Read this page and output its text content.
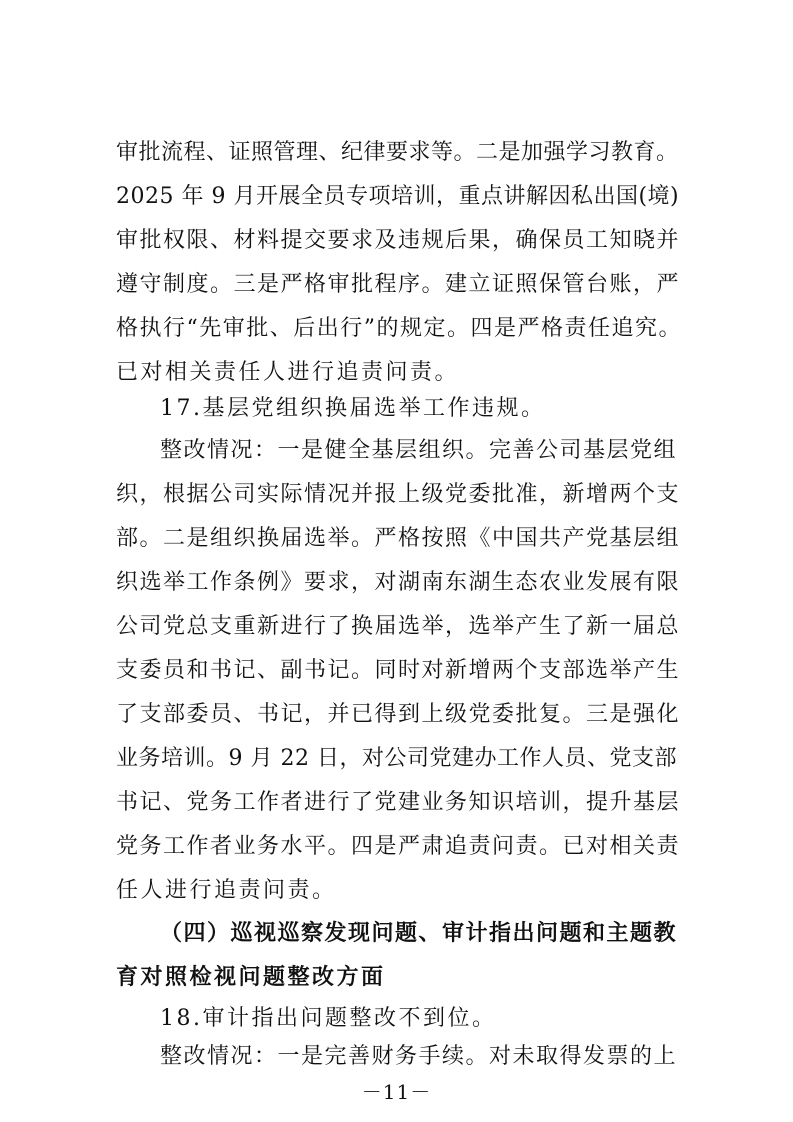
审批流程、证照管理、纪律要求等。二是加强学习教育。
2025 年 9 月开展全员专项培训，重点讲解因私出国(境)
审批权限、材料提交要求及违规后果，确保员工知晓并
遵守制度。三是严格审批程序。建立证照保管台账，严
格执行“先审批、后出行”的规定。四是严格责任追究。
已对相关责任人进行追责问责。
17.基层党组织换届选举工作违规。
整改情况：一是健全基层组织。完善公司基层党组
织，根据公司实际情况并报上级党委批准，新增两个支
部。二是组织换届选举。严格按照《中国共产党基层组
织选举工作条例》要求，对湖南东湖生态农业发展有限
公司党总支重新进行了换届选举，选举产生了新一届总
支委员和书记、副书记。同时对新增两个支部选举产生
了支部委员、书记，并已得到上级党委批复。三是强化
业务培训。9 月 22 日，对公司党建办工作人员、党支部
书记、党务工作者进行了党建业务知识培训，提升基层
党务工作者业务水平。四是严肃追责问责。已对相关责
任人进行追责问责。
（四）巡视巡察发现问题、审计指出问题和主题教
育对照检视问题整改方面
18.审计指出问题整改不到位。
整改情况：一是完善财务手续。对未取得发票的上
－11－
